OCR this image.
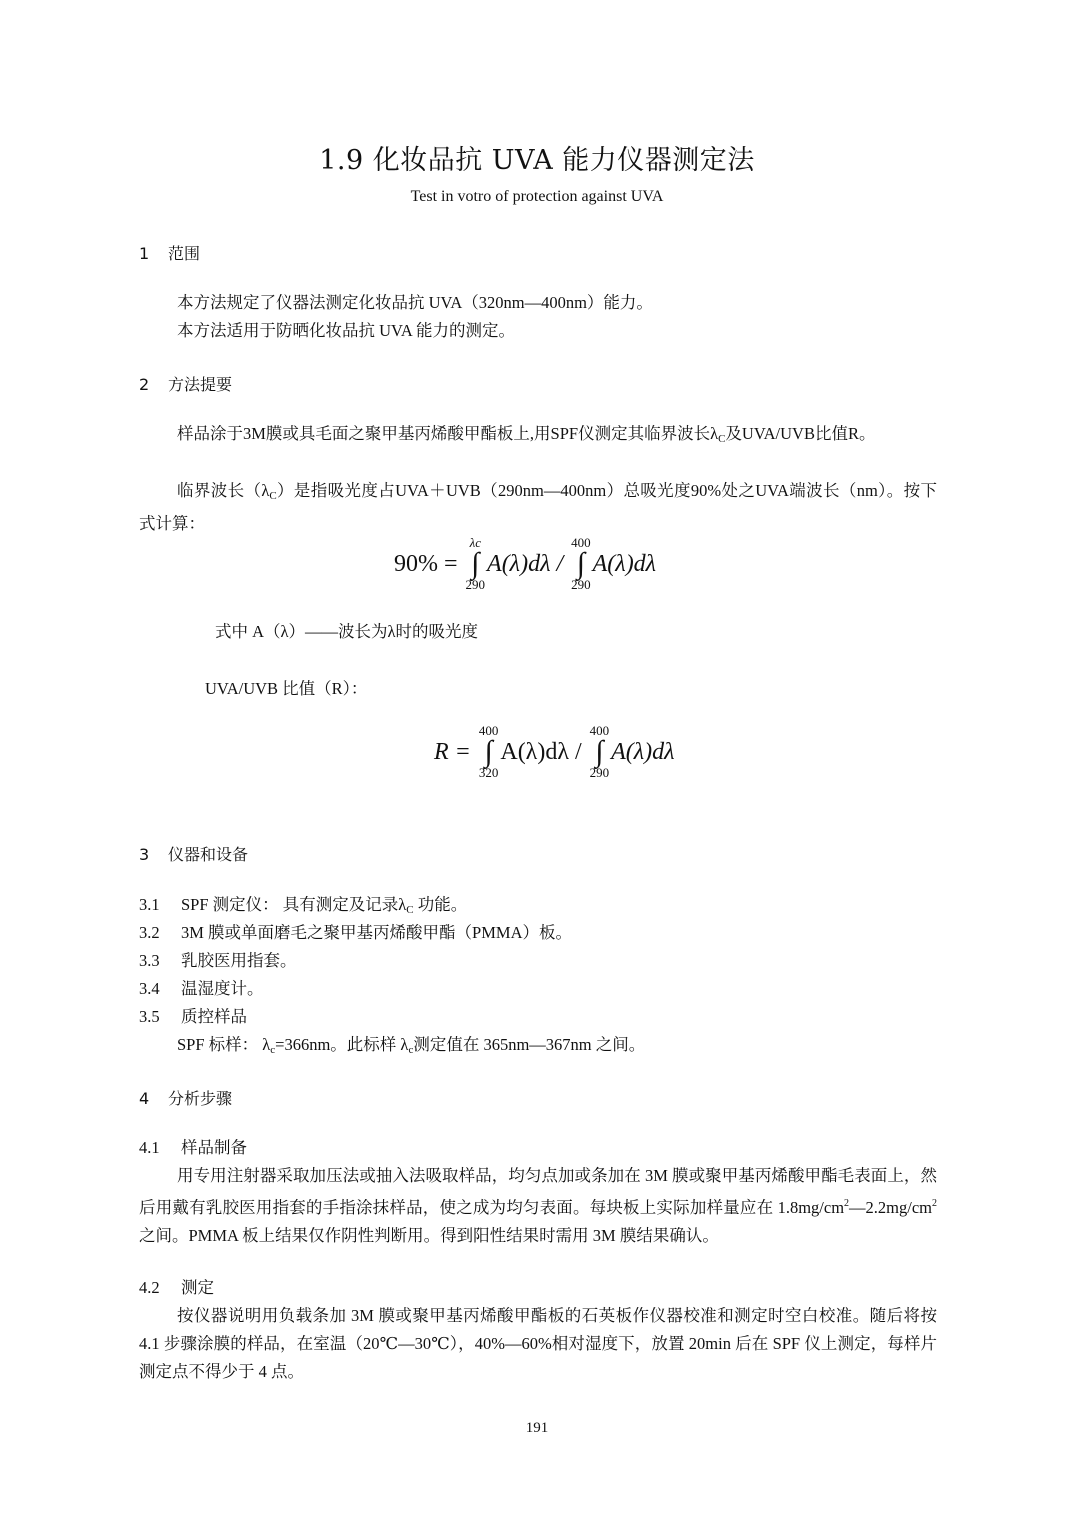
1.9 化妆品抗 UVA 能力仪器测定法
Test in votro of protection against UVA
1 范围
本方法规定了仪器法测定化妆品抗 UVA（320nm—400nm）能力。
本方法适用于防晒化妆品抗 UVA 能力的测定。
2 方法提要
样品涂于3M膜或具毛面之聚甲基丙烯酸甲酯板上,用SPF仪测定其临界波长$\lambda_C$及UVA/UVB比值R。
临界波长$(\lambda_C)$是指吸光度占UVA＋UVB（290nm—400nm）总吸光度90%处之UVA端波长（nm）。按下式计算：
90% =
λc
∫
290
A(λ)dλ /
400
∫
290
A(λ)dλ
式中 A（λ）——波长为λ时的吸光度
UVA/UVB 比值（R）：
R =
400
∫
320
A(λ)dλ /
400
∫
290
A(λ)dλ
3 仪器和设备
3.1 SPF 测定仪： 具有测定及记录$\lambda_C$ 功能。
3.2 3M 膜或单面磨毛之聚甲基丙烯酸甲酯（PMMA）板。
3.3 乳胶医用指套。
3.4 温湿度计。
3.5 质控样品
SPF 标样： $\lambda_c=366nm$。此标样 $\lambda_c$测定值在 365nm—367nm 之间。
4 分析步骤
4.1 样品制备
用专用注射器采取加压法或抽入法吸取样品，均匀点加或条加在 3M 膜或聚甲基丙烯酸甲酯毛表面上，然后用戴有乳胶医用指套的手指涂抹样品，使之成为均匀表面。每块板上实际加样量应在 $1.8mg/cm^2—2.2mg/cm^2$ 之间。PMMA 板上结果仅作阴性判断用。得到阳性结果时需用 3M 膜结果确认。
4.2 测定
按仪器说明用负载条加 3M 膜或聚甲基丙烯酸甲酯板的石英板作仪器校准和测定时空白校准。随后将按 4.1 步骤涂膜的样品，在室温（20℃—30℃），40%—60%相对湿度下，放置 20min 后在 SPF 仪上测定，每样片测定点不得少于 4 点。
191
